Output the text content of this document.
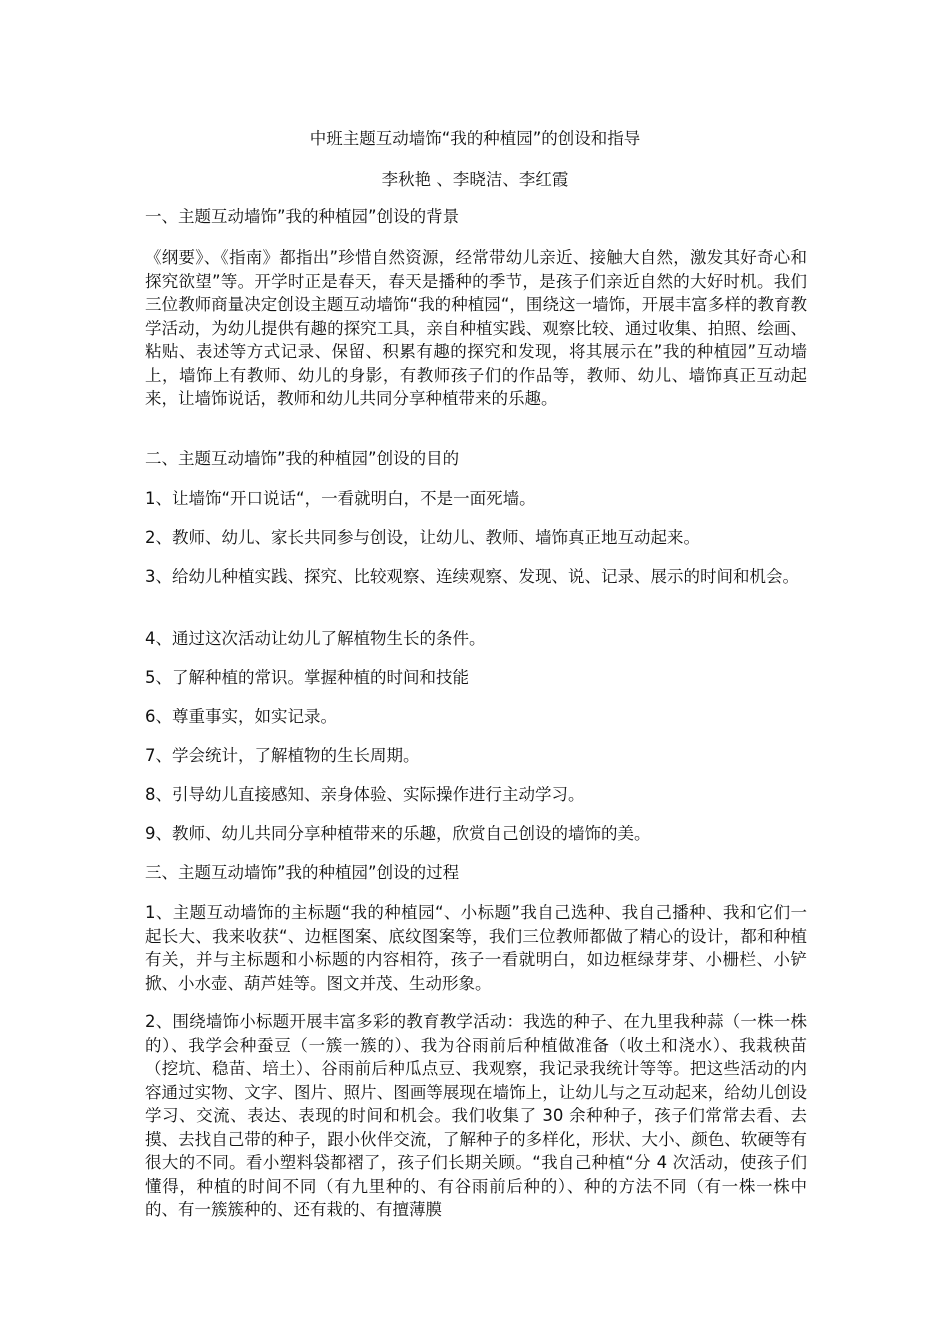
中班主题互动墙饰“我的种植园”的创设和指导
李秋艳 、李晓洁、李红霞

一、主题互动墙饰”我的种植园”创设的背景

《纲要》、《指南》都指出”珍惜自然资源，经常带幼儿亲近、接触大自然，激发其好奇心和探究欲望”等。开学时正是春天，春天是播种的季节，是孩子们亲近自然的大好时机。我们三位教师商量决定创设主题互动墙饰“我的种植园“，围绕这一墙饰，开展丰富多样的教育教学活动，为幼儿提供有趣的探究工具，亲自种植实践、观察比较、通过收集、拍照、绘画、粘贴、表述等方式记录、保留、积累有趣的探究和发现，将其展示在”我的种植园”互动墙上，墙饰上有教师、幼儿的身影，有教师孩子们的作品等，教师、幼儿、墙饰真正互动起来，让墙饰说话，教师和幼儿共同分享种植带来的乐趣。

二、主题互动墙饰”我的种植园”创设的目的

1、让墙饰“开口说话“，一看就明白，不是一面死墙。

2、教师、幼儿、家长共同参与创设，让幼儿、教师、墙饰真正地互动起来。

3、给幼儿种植实践、探究、比较观察、连续观察、发现、说、记录、展示的时间和机会。

4、通过这次活动让幼儿了解植物生长的条件。

5、了解种植的常识。掌握种植的时间和技能

6、尊重事实，如实记录。

7、学会统计，了解植物的生长周期。

8、引导幼儿直接感知、亲身体验、实际操作进行主动学习。

9、教师、幼儿共同分享种植带来的乐趣，欣赏自己创设的墙饰的美。

三、主题互动墙饰”我的种植园”创设的过程

1、主题互动墙饰的主标题“我的种植园“、小标题”我自己选种、我自己播种、我和它们一起长大、我来收获“、边框图案、底纹图案等，我们三位教师都做了精心的设计，都和种植有关，并与主标题和小标题的内容相符，孩子一看就明白，如边框绿芽芽、小栅栏、小铲掀、小水壶、葫芦娃等。图文并茂、生动形象。

2、围绕墙饰小标题开展丰富多彩的教育教学活动：我选的种子、在九里我种蒜（一株一株的）、我学会种蚕豆（一簇一簇的）、我为谷雨前后种植做准备（收土和浇水）、我栽秧苗（挖坑、稳苗、培土）、谷雨前后种瓜点豆、我观察，我记录我统计等等。把这些活动的内容通过实物、文字、图片、照片、图画等展现在墙饰上，让幼儿与之互动起来，给幼儿创设学习、交流、表达、表现的时间和机会。我们收集了 30 余种种子，孩子们常常去看、去摸、去找自己带的种子，跟小伙伴交流，了解种子的多样化，形状、大小、颜色、软硬等有很大的不同。看小塑料袋都褶了，孩子们长期关顾。“我自己种植“分 4 次活动，使孩子们懂得，种植的时间不同（有九里种的、有谷雨前后种的）、种的方法不同（有一株一株中的、有一簇簇种的、还有栽的、有擅薄膜
